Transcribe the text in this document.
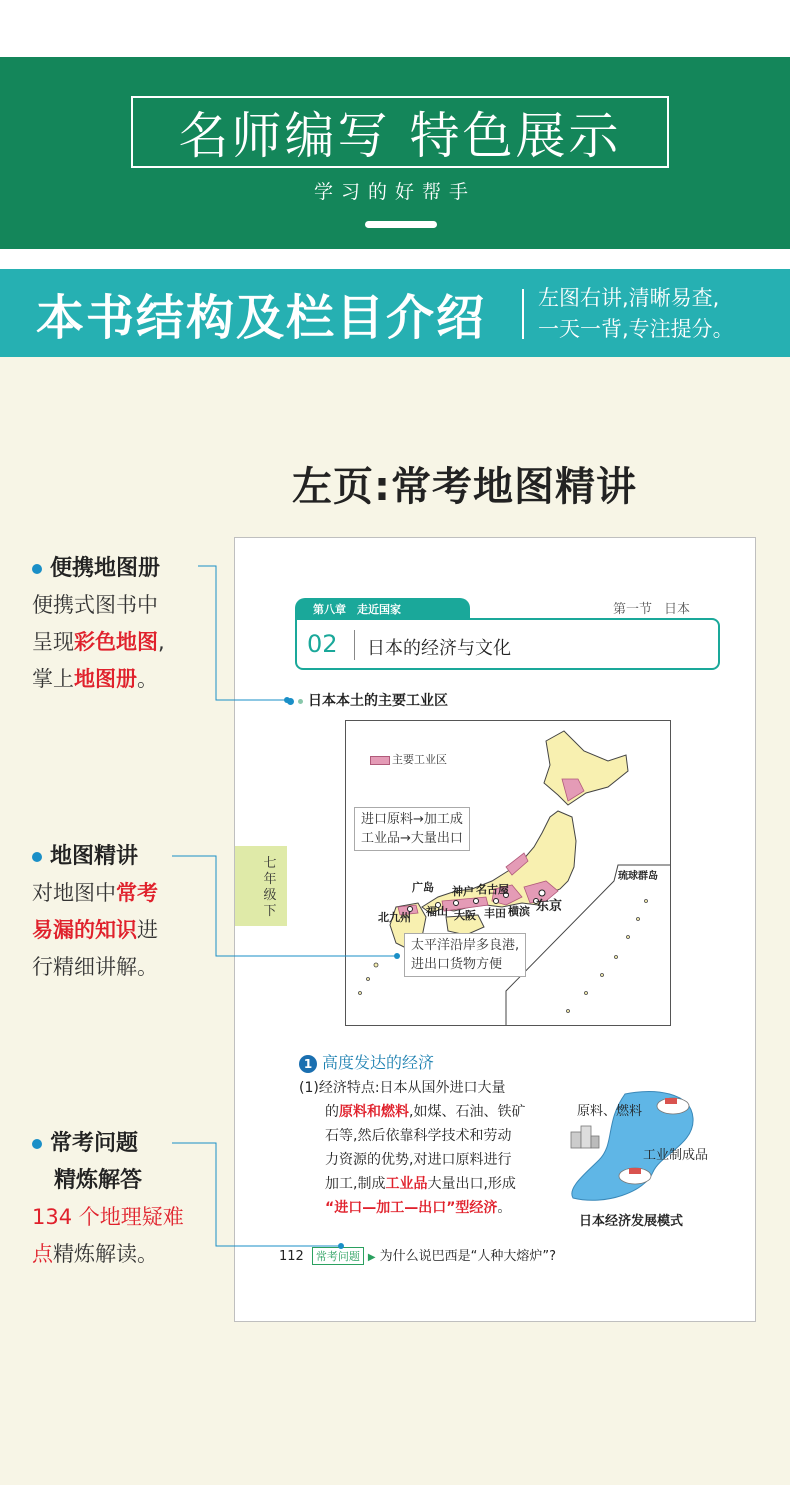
名师编写 特色展示
学习的好帮手
本书结构及栏目介绍 左图右讲,清晰易查,
一天一背,专注提分。
左页:常考地图精讲
第八章　走近国家	第一节 日本
02 日本的经济与文化
日本本土的主要工业区
主要工业区
进口原料→加工成
工业品→大量出口
太平洋沿岸多良港,
进出口货物方便
广岛 神户 名古屋
东京
北九州 福山 大阪 丰田 横滨
琉球群岛
七年级下
1 高度发达的经济
(1)经济特点:日本从国外进口大量
的原料和燃料,如煤、石油、铁矿
石等,然后依靠科学技术和劳动
力资源的优势,对进口原料进行
加工,制成工业品大量出口,形成
“进口—加工—出口”型经济。
原料、燃料
工业制成品
日本经济发展模式
112 常考问题 ▶ 为什么说巴西是“人种大熔炉”?
便携地图册
便携式图书中
呈现彩色地图,
掌上地图册。
地图精讲
对地图中常考
易漏的知识进
行精细讲解。
常考问题
精炼解答
134 个地理疑难
点精炼解读。
